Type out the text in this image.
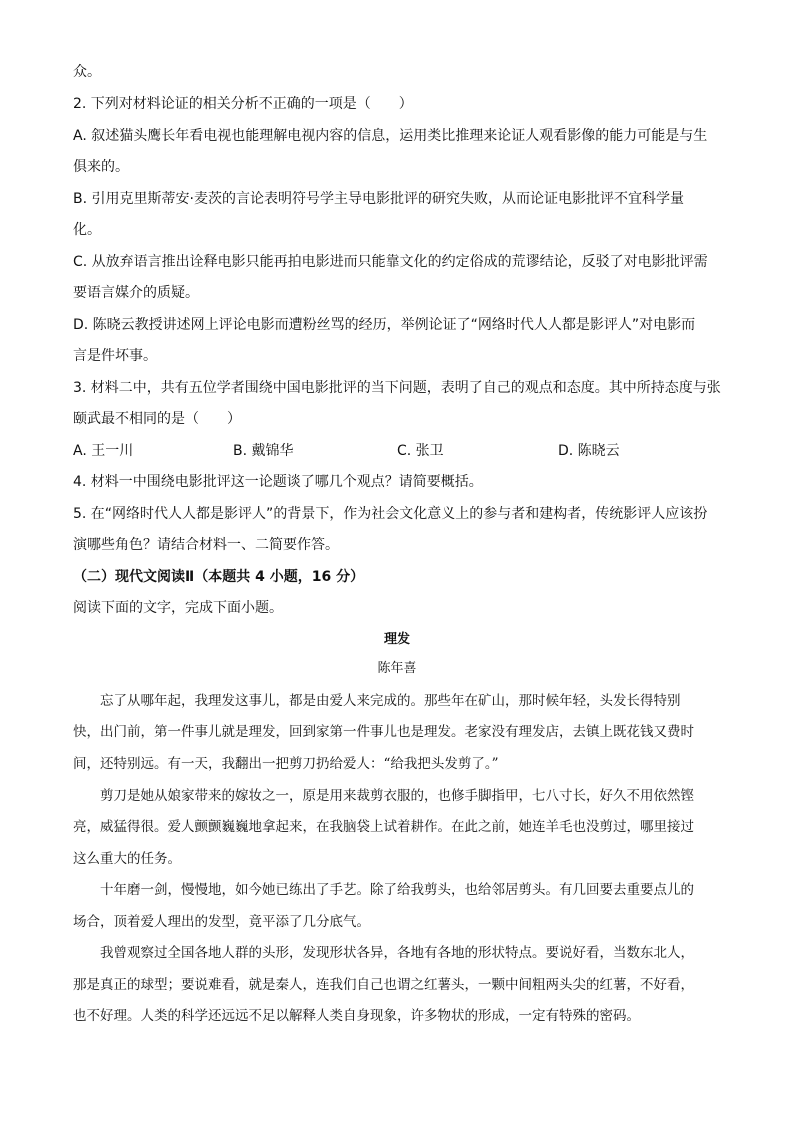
众。
2. 下列对材料论证的相关分析不正确的一项是（　　）
A. 叙述猫头鹰长年看电视也能理解电视内容的信息，运用类比推理来论证人观看影像的能力可能是与生
俱来的。
B. 引用克里斯蒂安·麦茨的言论表明符号学主导电影批评的研究失败，从而论证电影批评不宜科学量
化。
C. 从放弃语言推出诠释电影只能再拍电影进而只能靠文化的约定俗成的荒谬结论，反驳了对电影批评需
要语言媒介的质疑。
D. 陈晓云教授讲述网上评论电影而遭粉丝骂的经历，举例论证了“网络时代人人都是影评人”对电影而
言是件坏事。
3. 材料二中，共有五位学者围绕中国电影批评的当下问题，表明了自己的观点和态度。其中所持态度与张
颐武最不相同的是（　　）
A. 王一川	B. 戴锦华	C. 张卫	D. 陈晓云
4. 材料一中围绕电影批评这一论题谈了哪几个观点？请简要概括。
5. 在“网络时代人人都是影评人”的背景下，作为社会文化意义上的参与者和建构者，传统影评人应该扮
演哪些角色？请结合材料一、二简要作答。
（二）现代文阅读Ⅱ（本题共 4 小题，16 分）
阅读下面的文字，完成下面小题。
理发
陈年喜
　　忘了从哪年起，我理发这事儿，都是由爱人来完成的。那些年在矿山，那时候年轻，头发长得特别
快，出门前，第一件事儿就是理发，回到家第一件事儿也是理发。老家没有理发店，去镇上既花钱又费时
间，还特别远。有一天，我翻出一把剪刀扔给爱人：“给我把头发剪了。”
　　剪刀是她从娘家带来的嫁妆之一，原是用来裁剪衣服的，也修手脚指甲，七八寸长，好久不用依然铿
亮，威猛得很。爱人颤颤巍巍地拿起来，在我脑袋上试着耕作。在此之前，她连羊毛也没剪过，哪里接过
这么重大的任务。
　　十年磨一剑，慢慢地，如今她已练出了手艺。除了给我剪头，也给邻居剪头。有几回要去重要点儿的
场合，顶着爱人理出的发型，竟平添了几分底气。
　　我曾观察过全国各地人群的头形，发现形状各异，各地有各地的形状特点。要说好看，当数东北人，
那是真正的球型；要说难看，就是秦人，连我们自己也谓之红薯头，一颗中间粗两头尖的红薯，不好看，
也不好理。人类的科学还远远不足以解释人类自身现象，许多物状的形成，一定有特殊的密码。
